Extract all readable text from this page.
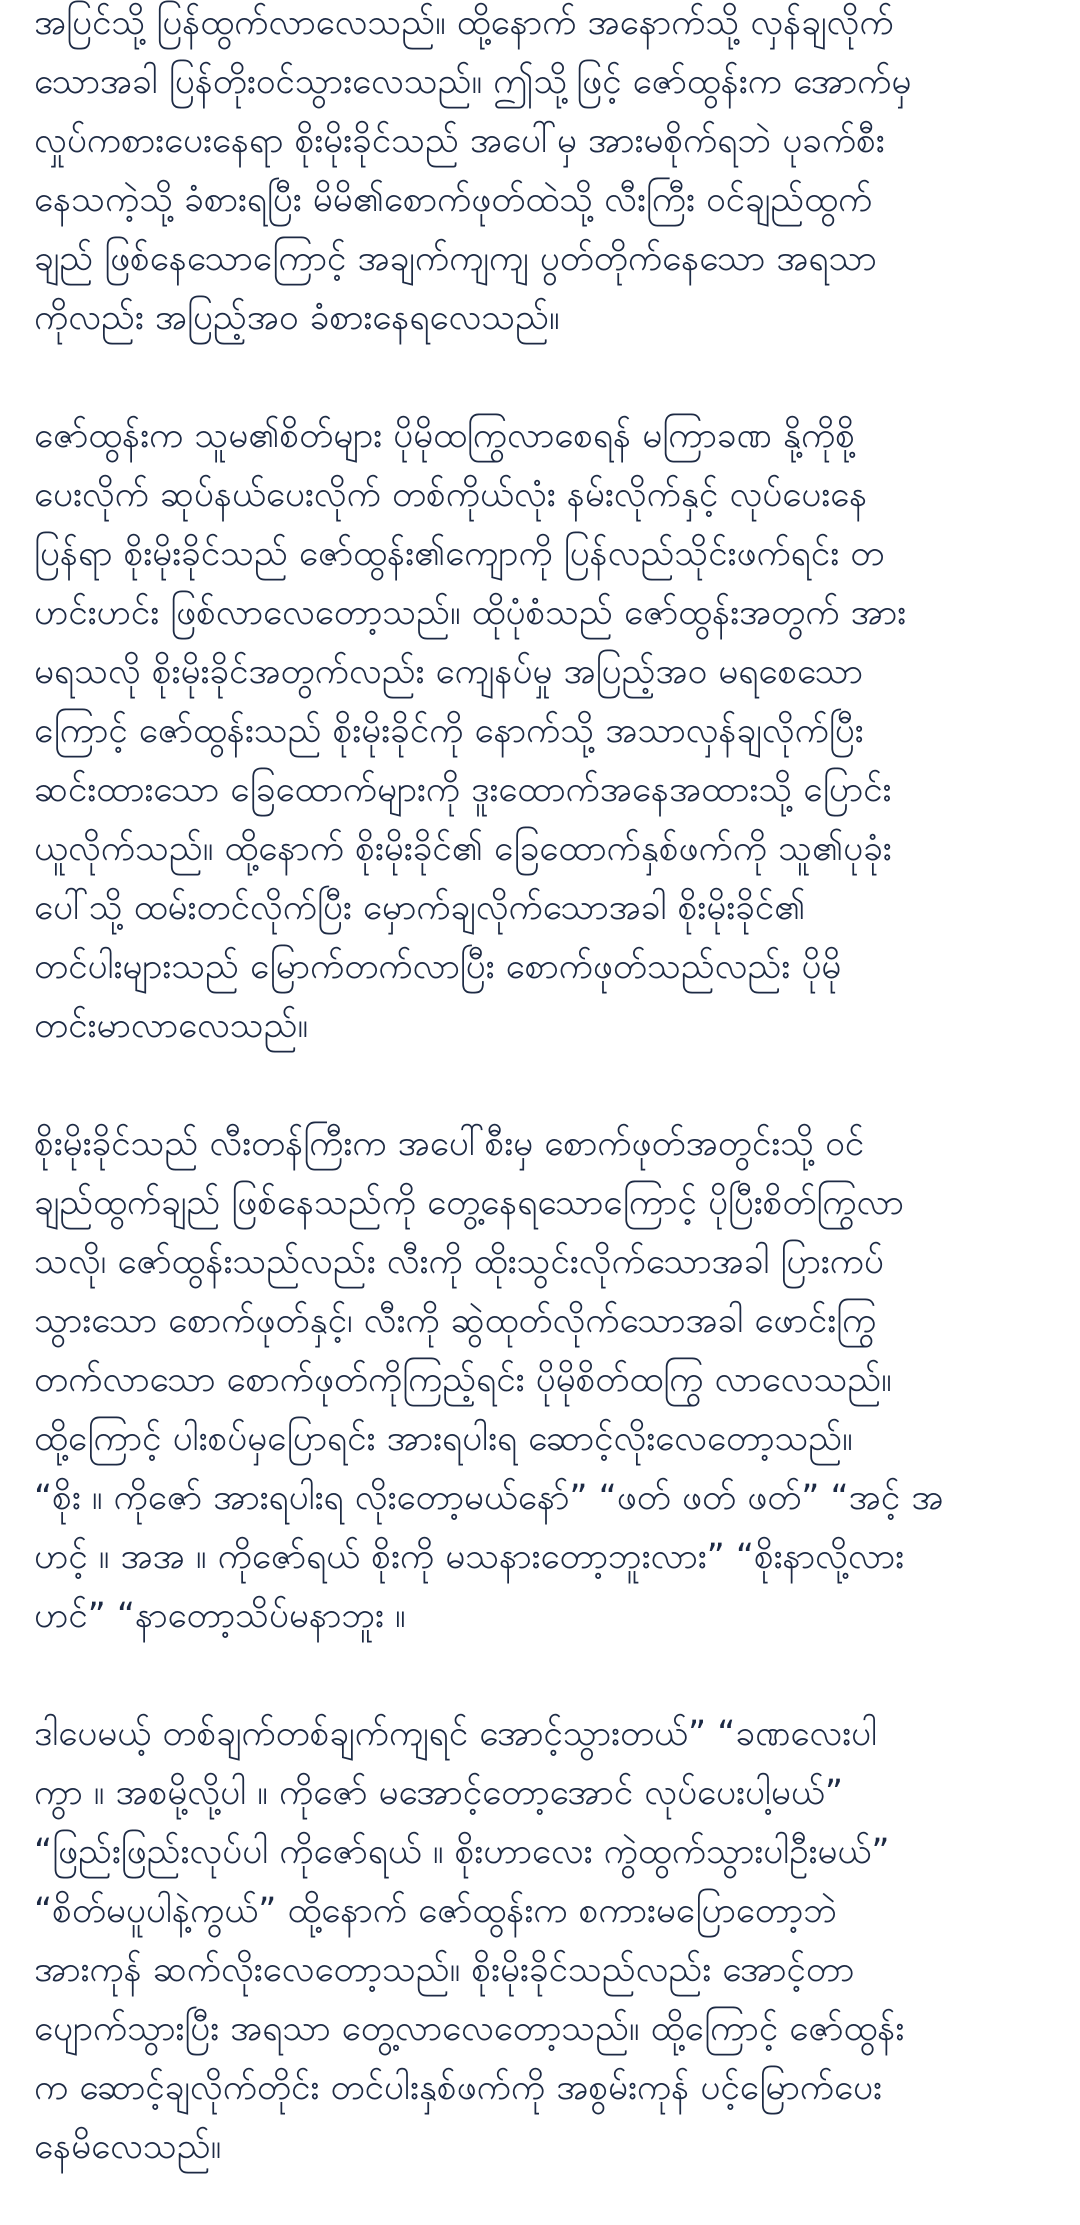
အပြင်သို့ ပြန်ထွက်လာလေသည်။ ထို့နောက် အနောက်သို့ လှန်ချလိုက်
သောအခါ ပြန်တိုးဝင်သွားလေသည်။ ဤသို့ဖြင့် ဇော်ထွန်းက အောက်မှ
လှုပ်ကစားပေးနေရာ စိုးမိုးခိုင်သည် အပေါ်မှ အားမစိုက်ရဘဲ ပုခက်စီး
နေသကဲ့သို့ ခံစားရပြီး မိမိ၏စောက်ဖုတ်ထဲသို့ လီးကြီး ဝင်ချည်ထွက်
ချည် ဖြစ်နေသောကြောင့် အချက်ကျကျ ပွတ်တိုက်နေသော အရသာ
ကိုလည်း အပြည့်အဝ ခံစားနေရလေသည်။
ဇော်ထွန်းက သူမ၏စိတ်များ ပိုမိုထကြွလာစေရန် မကြာခဏ နို့ကိုစို့
ပေးလိုက် ဆုပ်နယ်ပေးလိုက် တစ်ကိုယ်လုံး နမ်းလိုက်နှင့် လုပ်ပေးနေ
ပြန်ရာ စိုးမိုးခိုင်သည် ဇော်ထွန်း၏ကျောကို ပြန်လည်သိုင်းဖက်ရင်း တ
ဟင်းဟင်း ဖြစ်လာလေတော့သည်။ ထိုပုံစံသည် ဇော်ထွန်းအတွက် အား
မရသလို စိုးမိုးခိုင်အတွက်လည်း ကျေနပ်မှု အပြည့်အဝ မရစေသော
ကြောင့် ဇော်ထွန်းသည် စိုးမိုးခိုင်ကို နောက်သို့ အသာလှန်ချလိုက်ပြီး
ဆင်းထားသော ခြေထောက်များကို ဒူးထောက်အနေအထားသို့ ပြောင်း
ယူလိုက်သည်။ ထို့နောက် စိုးမိုးခိုင်၏ ခြေထောက်နှစ်ဖက်ကို သူ၏ပုခုံး
ပေါ်သို့ ထမ်းတင်လိုက်ပြီး မှောက်ချလိုက်သောအခါ စိုးမိုးခိုင်၏
တင်ပါးများသည် မြောက်တက်လာပြီး စောက်ဖုတ်သည်လည်း ပိုမို
တင်းမာလာလေသည်။
စိုးမိုးခိုင်သည် လီးတန်ကြီးက အပေါ်စီးမှ စောက်ဖုတ်အတွင်းသို့ ဝင်
ချည်ထွက်ချည် ဖြစ်နေသည်ကို တွေ့နေရသောကြောင့် ပိုပြီးစိတ်ကြွလာ
သလို၊ ဇော်ထွန်းသည်လည်း လီးကို ထိုးသွင်းလိုက်သောအခါ ပြားကပ်
သွားသော စောက်ဖုတ်နှင့်၊ လီးကို ဆွဲထုတ်လိုက်သောအခါ ဖောင်းကြွ
တက်လာသော စောက်ဖုတ်ကိုကြည့်ရင်း ပိုမိုစိတ်ထကြွ လာလေသည်။
ထို့ကြောင့် ပါးစပ်မှပြောရင်း အားရပါးရ ဆောင့်လိုးလေတော့သည်။
“စိုး ။ ကိုဇော် အားရပါးရ လိုးတော့မယ်နော်” “ဖတ် ဖတ် ဖတ်” “အင့် အ
ဟင့် ။ အအ ။ ကိုဇော်ရယ် စိုးကို မသနားတော့ဘူးလား” “စိုးနာလို့လား
ဟင်” “နာတော့သိပ်မနာဘူး ။
ဒါပေမယ့် တစ်ချက်တစ်ချက်ကျရင် အောင့်သွားတယ်” “ခဏလေးပါ
ကွာ ။ အစမို့လို့ပါ ။ ကိုဇော် မအောင့်တော့အောင် လုပ်ပေးပါ့မယ်”
“ဖြည်းဖြည်းလုပ်ပါ ကိုဇော်ရယ် ။ စိုးဟာလေး ကွဲထွက်သွားပါဦးမယ်”
“စိတ်မပူပါနဲ့ကွယ်” ထို့နောက် ဇော်ထွန်းက စကားမပြောတော့ဘဲ
အားကုန် ဆက်လိုးလေတော့သည်။ စိုးမိုးခိုင်သည်လည်း အောင့်တာ
ပျောက်သွားပြီး အရသာ တွေ့လာလေတော့သည်။ ထို့ကြောင့် ဇော်ထွန်း
က ဆောင့်ချလိုက်တိုင်း တင်ပါးနှစ်ဖက်ကို အစွမ်းကုန် ပင့်မြောက်ပေး
နေမိလေသည်။
